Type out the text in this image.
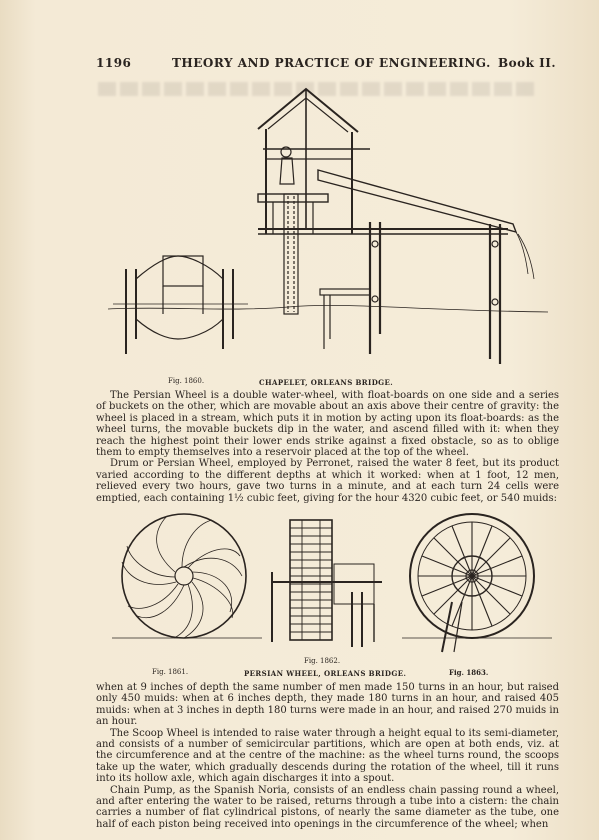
1196	THEORY AND PRACTICE OF ENGINEERING. Book II.
Fig. 1860.	CHAPELET, ORLEANS BRIDGE.

The Persian Wheel is a double water-wheel, with float-boards on one side and a series of buckets on the other, which are movable about an axis above their centre of gravity: the wheel is placed in a stream, which puts it in motion by acting upon its float-boards: as the wheel turns, the movable buckets dip in the water, and ascend filled with it: when they reach the highest point their lower ends strike against a fixed obstacle, so as to oblige them to empty themselves into a reservoir placed at the top of the wheel.

Drum or Persian Wheel, employed by Perronet, raised the water 8 feet, but its product varied according to the different depths at which it worked: when at 1 foot, 12 men, relieved every two hours, gave two turns in a minute, and at each turn 24 cells were emptied, each containing 1½ cubic feet, giving for the hour 4320 cubic feet, or 540 muids:

Fig. 1862.
Fig. 1861.	PERSIAN WHEEL, ORLEANS BRIDGE.	Fig. 1863.

when at 9 inches of depth the same number of men made 150 turns in an hour, but raised only 450 muids: when at 6 inches depth, they made 180 turns in an hour, and raised 405 muids: when at 3 inches in depth 180 turns were made in an hour, and raised 270 muids in an hour.

The Scoop Wheel is intended to raise water through a height equal to its semi-diameter, and consists of a number of semicircular partitions, which are open at both ends, viz. at the circumference and at the centre of the machine: as the wheel turns round, the scoops take up the water, which gradually descends during the rotation of the wheel, till it runs into its hollow axle, which again discharges it into a spout.

Chain Pump, as the Spanish Noria, consists of an endless chain passing round a wheel, and after entering the water to be raised, returns through a tube into a cistern: the chain carries a number of flat cylindrical pistons, of nearly the same diameter as the tube, one half of each piston being received into openings in the circumference of the wheel; when
